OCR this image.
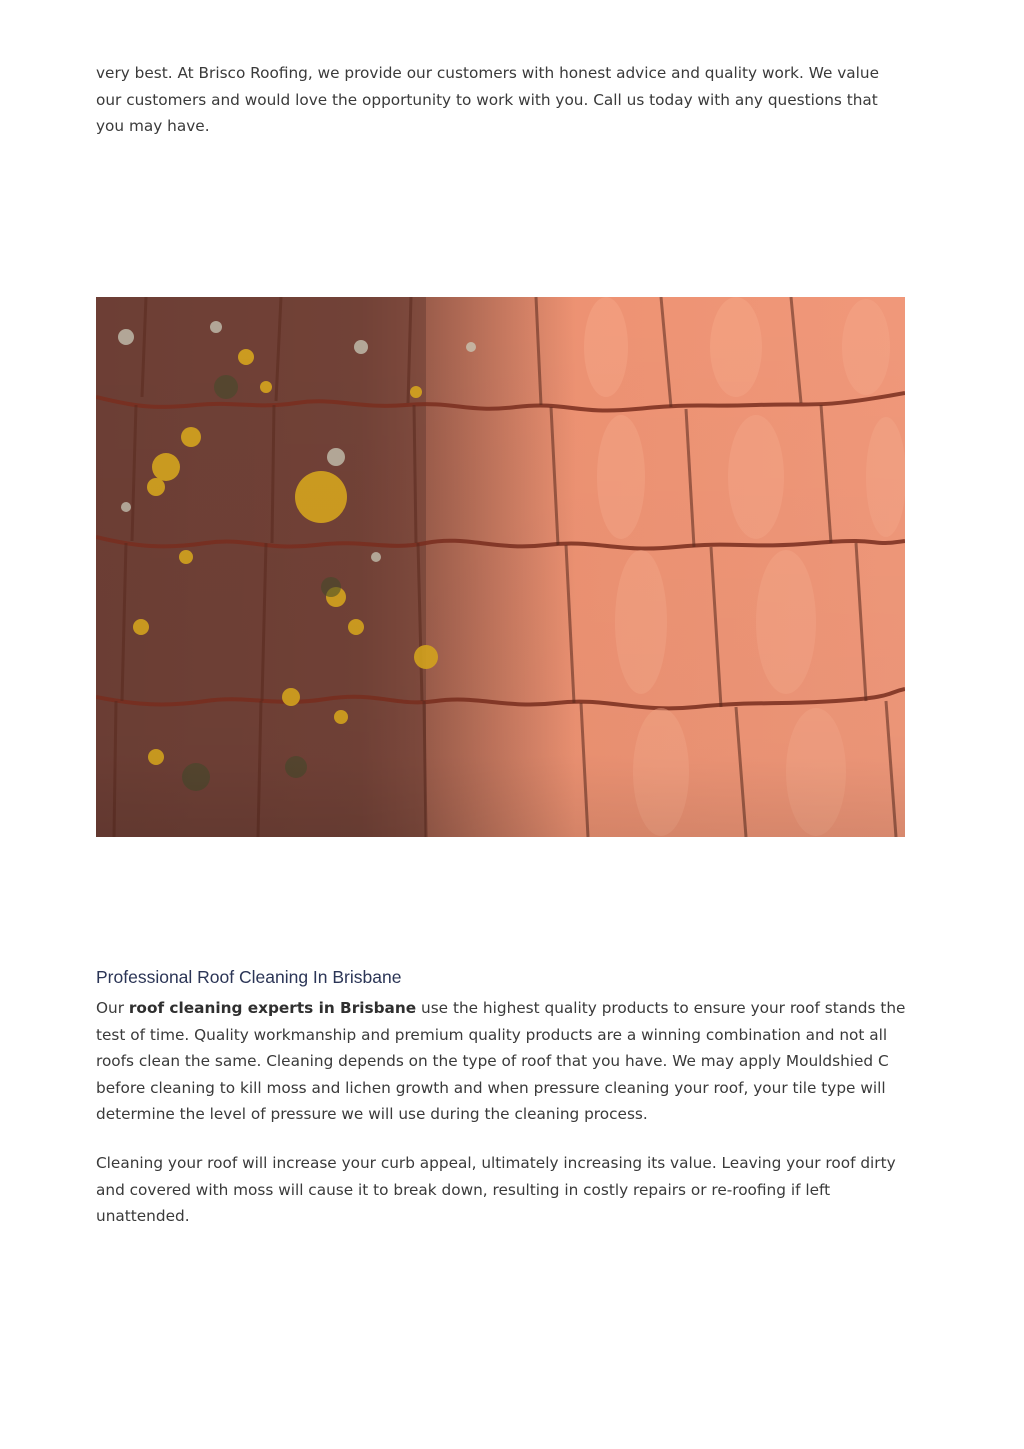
very best. At Brisco Roofing, we provide our customers with honest advice and quality work. We value our customers and would love the opportunity to work with you. Call us today with any questions that you may have.

Professional Roof Cleaning In Brisbane

Our roof cleaning experts in Brisbane use the highest quality products to ensure your roof stands the test of time. Quality workmanship and premium quality products are a winning combination and not all roofs clean the same. Cleaning depends on the type of roof that you have. We may apply Mouldshied C before cleaning to kill moss and lichen growth and when pressure cleaning your roof, your tile type will determine the level of pressure we will use during the cleaning process.

Cleaning your roof will increase your curb appeal, ultimately increasing its value. Leaving your roof dirty and covered with moss will cause it to break down, resulting in costly repairs or re-roofing if left unattended.
